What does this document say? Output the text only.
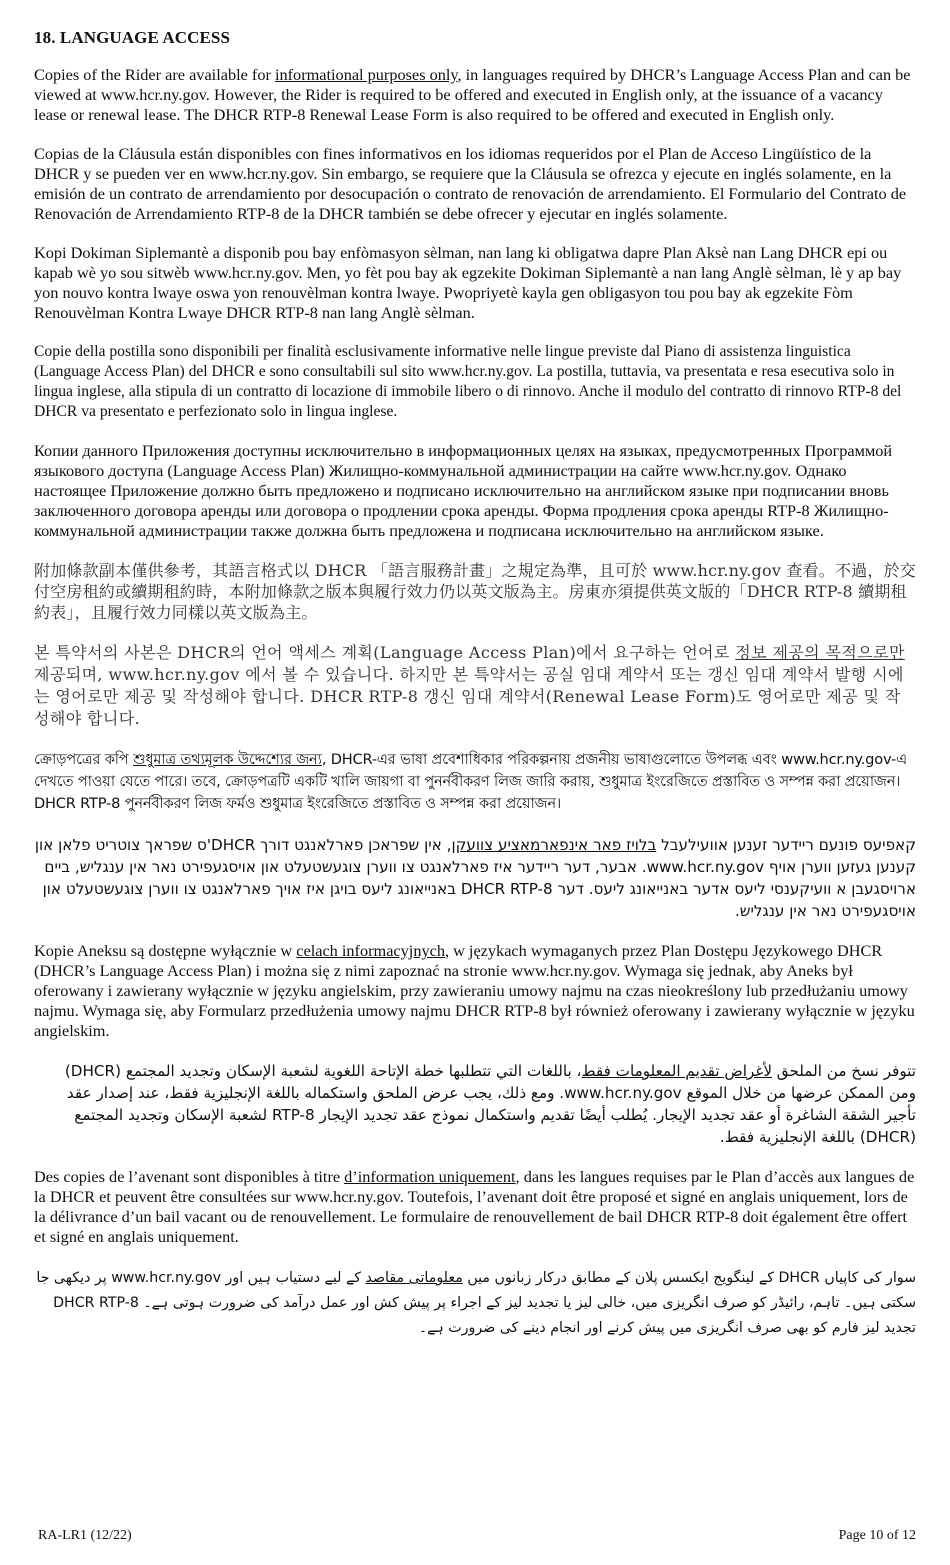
18. LANGUAGE ACCESS

Copies of the Rider are available for informational purposes only, in languages required by DHCR’s Language Access Plan and can be viewed at www.hcr.ny.gov. However, the Rider is required to be offered and executed in English only, at the issuance of a vacancy lease or renewal lease. The DHCR RTP-8 Renewal Lease Form is also required to be offered and executed in English only.

Copias de la Cláusula están disponibles con fines informativos en los idiomas requeridos por el Plan de Acceso Lingüístico de la DHCR y se pueden ver en www.hcr.ny.gov. Sin embargo, se requiere que la Cláusula se ofrezca y ejecute en inglés solamente, en la emisión de un contrato de arrendamiento por desocupación o contrato de renovación de arrendamiento. El Formulario del Contrato de Renovación de Arrendamiento RTP-8 de la DHCR también se debe ofrecer y ejecutar en inglés solamente.

Kopi Dokiman Siplemantè a disponib pou bay enfòmasyon sèlman, nan lang ki obligatwa dapre Plan Aksè nan Lang DHCR epi ou kapab wè yo sou sitwèb www.hcr.ny.gov. Men, yo fèt pou bay ak egzekite Dokiman Siplemantè a nan lang Anglè sèlman, lè y ap bay yon nouvo kontra lwaye oswa yon renouvèlman kontra lwaye. Pwopriyetè kayla gen obligasyon tou pou bay ak egzekite Fòm Renouvèlman Kontra Lwaye DHCR RTP-8 nan lang Anglè sèlman.

Copie della postilla sono disponibili per finalità esclusivamente informative nelle lingue previste dal Piano di assistenza linguistica (Language Access Plan) del DHCR e sono consultabili sul sito www.hcr.ny.gov. La postilla, tuttavia, va presentata e resa esecutiva solo in lingua inglese, alla stipula di un contratto di locazione di immobile libero o di rinnovo. Anche il modulo del contratto di rinnovo RTP-8 del DHCR va presentato e perfezionato solo in lingua inglese.

Копии данного Приложения доступны исключительно в информационных целях на языках, предусмотренных Программой языкового доступа (Language Access Plan) Жилищно-коммунальной администрации на сайте www.hcr.ny.gov. Однако настоящее Приложение должно быть предложено и подписано исключительно на английском языке при подписании вновь заключенного договора аренды или договора о продлении срока аренды. Форма продления срока аренды RTP-8 Жилищно-коммунальной администрации также должна быть предложена и подписана исключительно на английском языке.

附加條款副本僅供參考，其語言格式以 DHCR 「語言服務計畫」之規定為準，且可於 www.hcr.ny.gov 查看。不過，於交付空房租約或續期租約時，本附加條款之版本與履行效力仍以英文版為主。房東亦須提供英文版的「DHCR RTP-8 續期租約表」，且履行效力同樣以英文版為主。

본 특약서의 사본은 DHCR의 언어 액세스 계획(Language Access Plan)에서 요구하는 언어로 정보 제공의 목적으로만 제공되며, www.hcr.ny.gov 에서 볼 수 있습니다. 하지만 본 특약서는 공실 임대 계약서 또는 갱신 임대 계약서 발행 시에는 영어로만 제공 및 작성해야 합니다. DHCR RTP-8 갱신 임대 계약서(Renewal Lease Form)도 영어로만 제공 및 작성해야 합니다.

ক্রোড়পত্রের কপি শুধুমাত্র তথ্যমূলক উদ্দেশ্যের জন্য, DHCR-এর ভাষা প্রবেশাধিকার পরিকল্পনায় প্রজনীয় ভাষাগুলোতে উপলব্ধ এবং www.hcr.ny.gov-এ দেখতে পাওয়া যেতে পারে। তবে, ক্রোড়পত্রটি একটি খালি জায়গা বা পুনর্নবীকরণ লিজ জারি করায়, শুধুমাত্র ইংরেজিতে প্রস্তাবিত ও সম্পন্ন করা প্রয়োজন। DHCR RTP-8 পুনর্নবীকরণ লিজ ফর্মও শুধুমাত্র ইংরেজিতে প্রস্তাবিত ও সম্পন্ন করা প্রয়োজন।

קאפיעס פונעם ריידער זענען אוועילעבל בלויז פאר אינפארמאציע צוועקן, אין שפראכן פארלאנגט דורך DHCR'ס שפראך צוטריט פלאן און קענען געזען ווערן אויף www.hcr.ny.gov. אבער, דער ריידער איז פארלאנגט צו ווערן צוגעשטעלט און אויסגעפירט נאר אין ענגליש, ביים ארויסגעבן א וועיקענסי ליעס אדער באנייאונג ליעס. דער DHCR RTP-8 באנייאונג ליעס בויגן איז אויך פארלאנגט צו ווערן צוגעשטעלט און אויסגעפירט נאר אין ענגליש.

Kopie Aneksu są dostępne wyłącznie w celach informacyjnych, w językach wymaganych przez Plan Dostępu Językowego DHCR (DHCR’s Language Access Plan) i można się z nimi zapoznać na stronie www.hcr.ny.gov. Wymaga się jednak, aby Aneks był oferowany i zawierany wyłącznie w języku angielskim, przy zawieraniu umowy najmu na czas nieokreślony lub przedłużaniu umowy najmu. Wymaga się, aby Formularz przedłużenia umowy najmu DHCR RTP-8 był również oferowany i zawierany wyłącznie w języku angielskim.

تتوفر نسخ من الملحق لأغراض تقديم المعلومات فقط، باللغات التي تتطلبها خطة الإتاحة اللغوية لشعبة الإسكان وتجديد المجتمع (DHCR) ومن الممكن عرضها من خلال الموقع www.hcr.ny.gov. ومع ذلك، يجب عرض الملحق واستكماله باللغة الإنجليزية فقط، عند إصدار عقد تأجير الشقة الشاغرة أو عقد تجديد الإيجار. يُطلب أيضًا تقديم واستكمال نموذج عقد تجديد الإيجار RTP-8 لشعبة الإسكان وتجديد المجتمع (DHCR) باللغة الإنجليزية فقط.

Des copies de l’avenant sont disponibles à titre d’information uniquement, dans les langues requises par le Plan d’accès aux langues de la DHCR et peuvent être consultées sur www.hcr.ny.gov. Toutefois, l’avenant doit être proposé et signé en anglais uniquement, lors de la délivrance d’un bail vacant ou de renouvellement. Le formulaire de renouvellement de bail DHCR RTP-8 doit également être offert et signé en anglais uniquement.

سوار کی کاپیاں DHCR کے لینگویج ایکسس پلان کے مطابق درکار زبانوں میں معلوماتی مقاصد کے لیے دستیاب ہیں اور www.hcr.ny.gov پر دیکھی جا سکتی ہیں۔ تاہم، رائیڈر کو صرف انگریزی میں، خالی لیز یا تجدید لیز کے اجراء پر پیش کش اور عمل درآمد کی ضرورت ہوتی ہے۔ DHCR RTP-8 تجدید لیز فارم کو بھی صرف انگریزی میں پیش کرنے اور انجام دینے کی ضرورت ہے۔

RA-LR1 (12/22)	Page 10 of 12
